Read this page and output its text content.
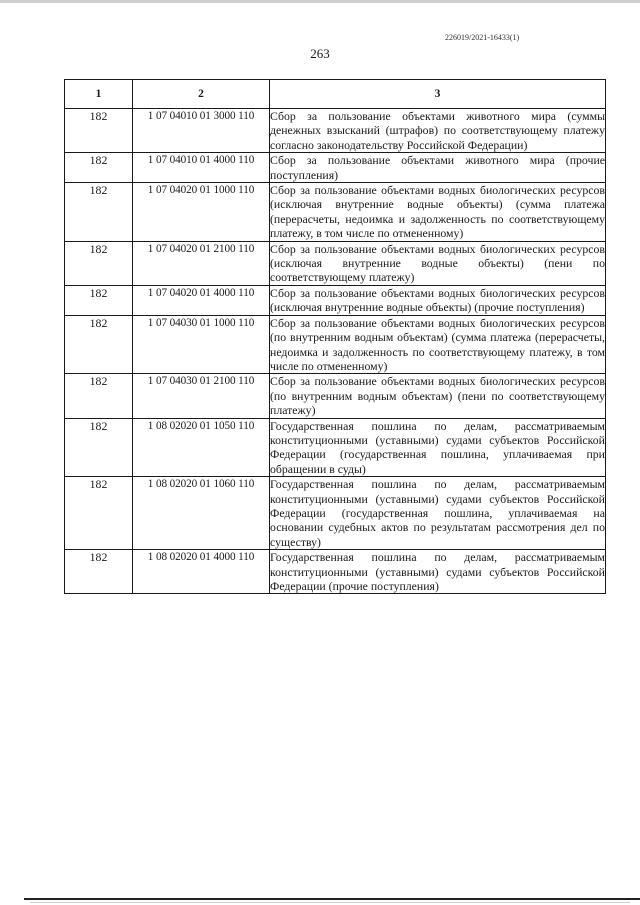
226019/2021-16433(1)
263
1	2	3
182	1 07 04010 01 3000 110	Сбор за пользование объектами животного мира (суммы денежных взысканий (штрафов) по соответствующему платежу согласно законодательству Российской Федерации)
182	1 07 04010 01 4000 110	Сбор за пользование объектами животного мира (прочие поступления)
182	1 07 04020 01 1000 110	Сбор за пользование объектами водных биологических ресурсов (исключая внутренние водные объекты) (сумма платежа (перерасчеты, недоимка и задолженность по соответствующему платежу, в том числе по отмененному)
182	1 07 04020 01 2100 110	Сбор за пользование объектами водных биологических ресурсов (исключая внутренние водные объекты) (пени по соответствующему платежу)
182	1 07 04020 01 4000 110	Сбор за пользование объектами водных биологических ресурсов (исключая внутренние водные объекты) (прочие поступления)
182	1 07 04030 01 1000 110	Сбор за пользование объектами водных биологических ресурсов (по внутренним водным объектам) (сумма платежа (перерасчеты, недоимка и задолженность по соответствующему платежу, в том числе по отмененному)
182	1 07 04030 01 2100 110	Сбор за пользование объектами водных биологических ресурсов (по внутренним водным объектам) (пени по соответствующему платежу)
182	1 08 02020 01 1050 110	Государственная пошлина по делам, рассматриваемым конституционными (уставными) судами субъектов Российской Федерации (государственная пошлина, уплачиваемая при обращении в суды)
182	1 08 02020 01 1060 110	Государственная пошлина по делам, рассматриваемым конституционными (уставными) судами субъектов Российской Федерации (государственная пошлина, уплачиваемая на основании судебных актов по результатам рассмотрения дел по существу)
182	1 08 02020 01 4000 110	Государственная пошлина по делам, рассматриваемым конституционными (уставными) судами субъектов Российской Федерации (прочие поступления)
